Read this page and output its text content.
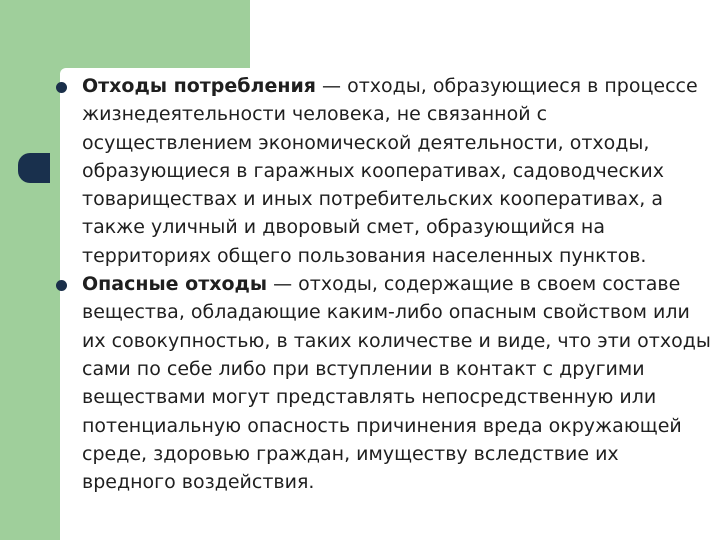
Отходы потребления — отходы, образующиеся в процессе жизнедеятельности человека, не связанной с осуществлением экономической деятельности, отходы, образующиеся в гаражных кооперативах, садоводческих товариществах и иных потребительских кооперативах, а также уличный и дворовый смет, образующийся на территориях общего пользования населенных пунктов.

Опасные отходы — отходы, содержащие в своем составе вещества, обладающие каким-либо опасным свойством или их совокупностью, в таких количестве и виде, что эти отходы сами по себе либо при вступлении в контакт с другими веществами могут представлять непосредственную или потенциальную опасность причинения вреда окружающей среде, здоровью граждан, имуществу вследствие их вредного воздействия.
